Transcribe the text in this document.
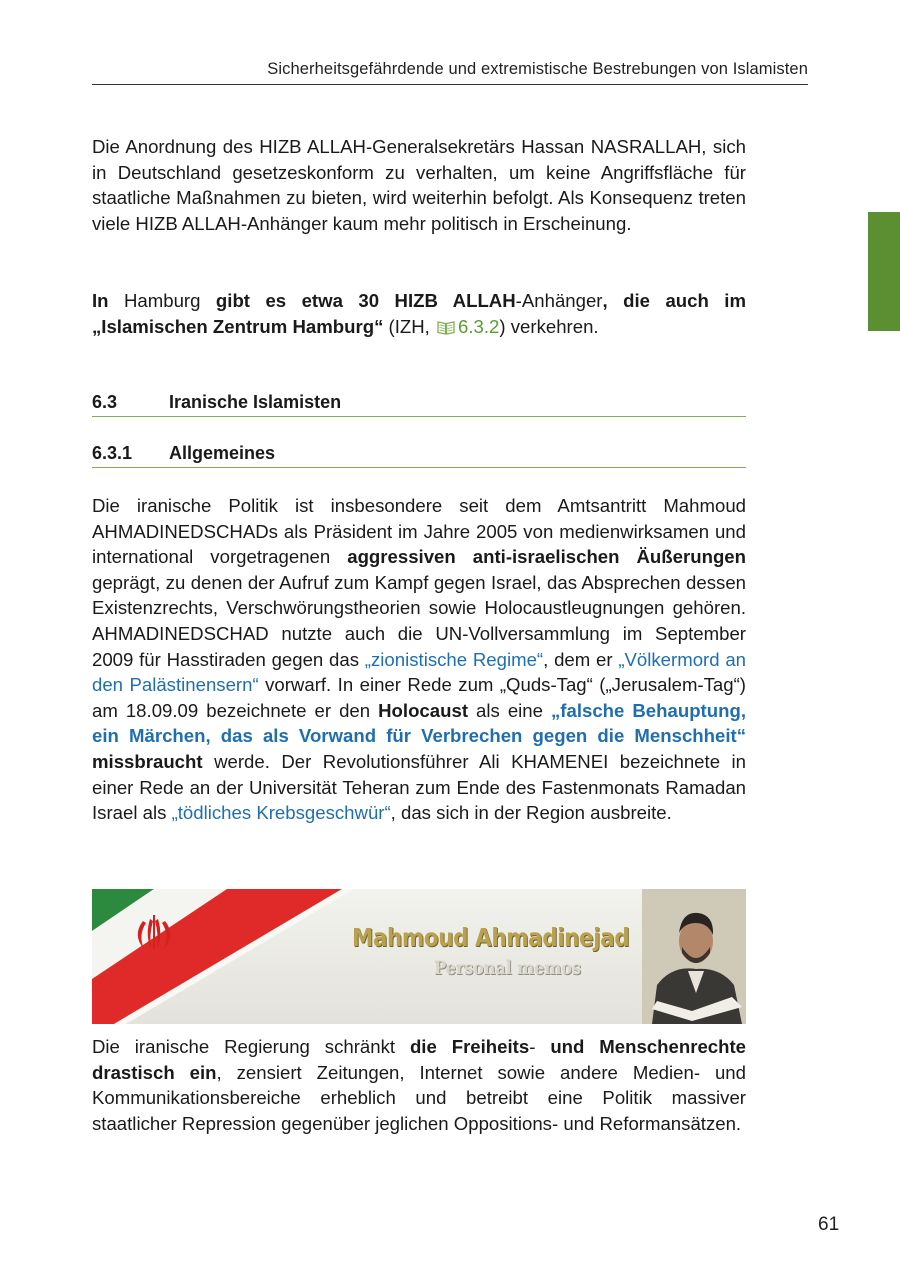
Sicherheitsgefährdende und extremistische Bestrebungen von Islamisten

Die Anordnung des HIZB ALLAH-Generalsekretärs Hassan NASRALLAH, sich in Deutschland gesetzeskonform zu verhalten, um keine Angriffsfläche für staatliche Maßnahmen zu bieten, wird weiterhin befolgt. Als Konsequenz treten viele HIZB ALLAH-Anhänger kaum mehr politisch in Erscheinung.

In Hamburg gibt es etwa 30 HIZB ALLAH-Anhänger, die auch im „Islamischen Zentrum Hamburg“ (IZH, 6.3.2) verkehren.

6.3	Iranische Islamisten
6.3.1 Allgemeines

Die iranische Politik ist insbesondere seit dem Amtsantritt Mahmoud AHMADINEDSCHADs als Präsident im Jahre 2005 von medienwirksamen und international vorgetragenen aggressiven anti-israelischen Äußerungen geprägt, zu denen der Aufruf zum Kampf gegen Israel, das Absprechen dessen Existenzrechts, Verschwörungstheorien sowie Holocaustleugnungen gehören. AHMADINEDSCHAD nutzte auch die UN-Vollversammlung im September 2009 für Hasstiraden gegen das „zionistische Regime“, dem er „Völkermord an den Palästinensern“ vorwarf. In einer Rede zum „Quds-Tag“ („Jerusalem-Tag“) am 18.09.09 bezeichnete er den Holocaust als eine „falsche Behauptung, ein Märchen, das als Vorwand für Verbrechen gegen die Menschheit“ missbraucht werde. Der Revolutionsführer Ali KHAMENEI bezeichnete in einer Rede an der Universität Teheran zum Ende des Fastenmonats Ramadan Israel als „tödliches Krebsgeschwür“, das sich in der Region ausbreite.

Mahmoud Ahmadinejad
Personal memos

Die iranische Regierung schränkt die Freiheits- und Menschenrechte drastisch ein, zensiert Zeitungen, Internet sowie andere Medien- und Kommunikationsbereiche erheblich und betreibt eine Politik massiver staatlicher Repression gegenüber jeglichen Oppositions- und Reformansätzen.

61
